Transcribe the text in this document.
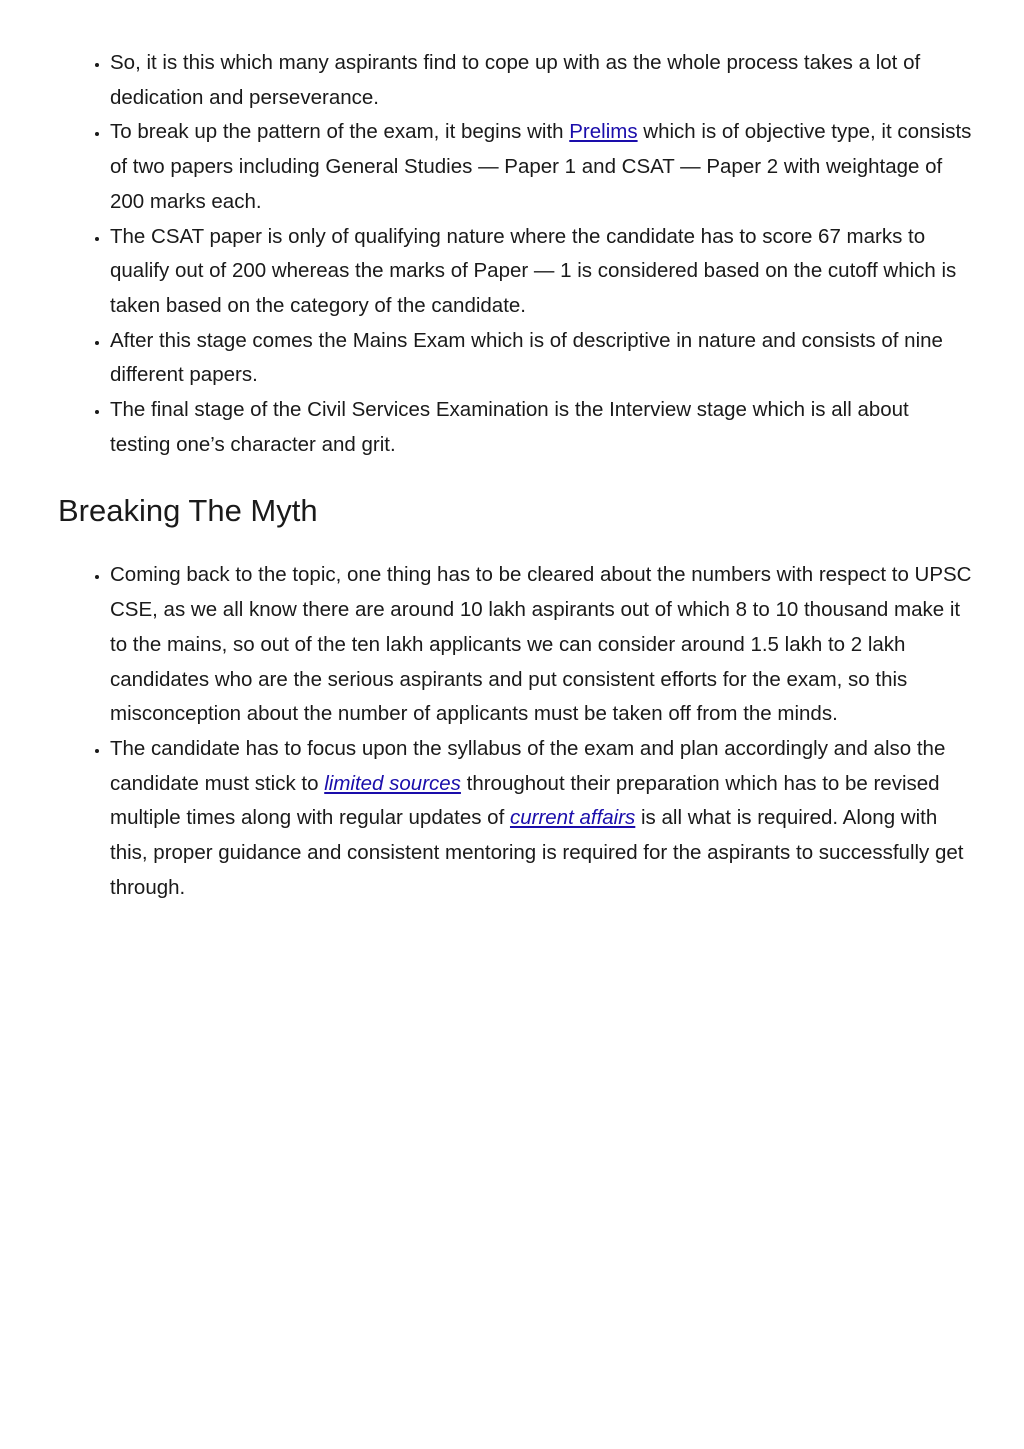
• So, it is this which many aspirants find to cope up with as the whole process takes a lot of dedication and perseverance.
• To break up the pattern of the exam, it begins with Prelims which is of objective type, it consists of two papers including General Studies — Paper 1 and CSAT — Paper 2 with weightage of 200 marks each.
• The CSAT paper is only of qualifying nature where the candidate has to score 67 marks to qualify out of 200 whereas the marks of Paper — 1 is considered based on the cutoff which is taken based on the category of the candidate.
• After this stage comes the Mains Exam which is of descriptive in nature and consists of nine different papers.
• The final stage of the Civil Services Examination is the Interview stage which is all about testing one’s character and grit.
Breaking The Myth
• Coming back to the topic, one thing has to be cleared about the numbers with respect to UPSC CSE, as we all know there are around 10 lakh aspirants out of which 8 to 10 thousand make it to the mains, so out of the ten lakh applicants we can consider around 1.5 lakh to 2 lakh candidates who are the serious aspirants and put consistent efforts for the exam, so this misconception about the number of applicants must be taken off from the minds.
• The candidate has to focus upon the syllabus of the exam and plan accordingly and also the candidate must stick to limited sources throughout their preparation which has to be revised multiple times along with regular updates of current affairs is all what is required. Along with this, proper guidance and consistent mentoring is required for the aspirants to successfully get through.
